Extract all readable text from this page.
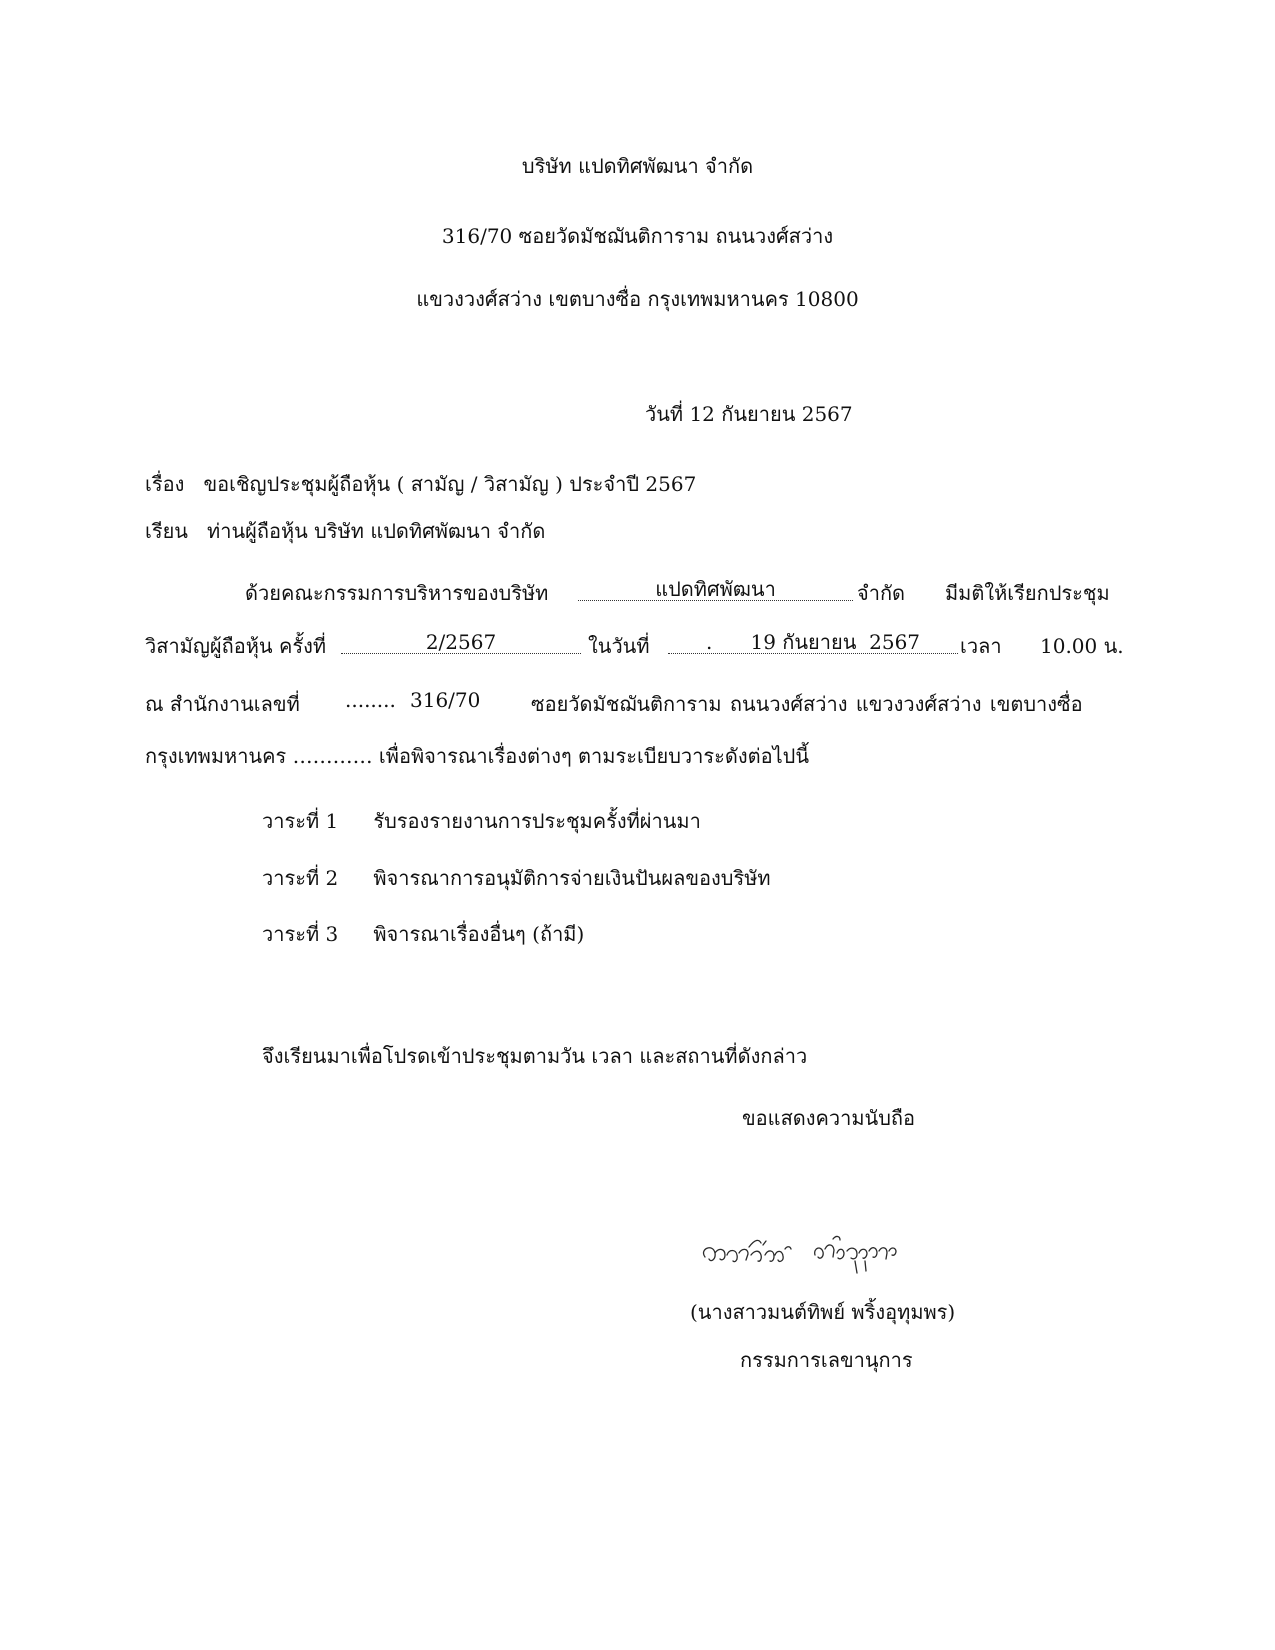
บริษัท แปดทิศพัฒนา จำกัด
316/70 ซอยวัดมัชฌันติการาม ถนนวงศ์สว่าง
แขวงวงศ์สว่าง เขตบางซื่อ กรุงเทพมหานคร 10800
วันที่ 12 กันยายน 2567
เรื่อง ขอเชิญประชุมผู้ถือหุ้น ( สามัญ / วิสามัญ ) ประจำปี 2567
เรียน ท่านผู้ถือหุ้น บริษัท แปดทิศพัฒนา จำกัด
ด้วยคณะกรรมการบริหารของบริษัท	แปดทิศพัฒนา	จำกัด มีมติให้เรียกประชุม
วิสามัญผู้ถือหุ้น ครั้งที่	2/2567	ในวันที่	.      19 กันยายน  2567	เวลา 10.00 น.
ณ สำนักงานเลขที่ ........ 316/70	ซอยวัดมัชฌันติการาม ถนนวงศ์สว่าง แขวงวงศ์สว่าง เขตบางซื่อ
กรุงเทพมหานคร ………… เพื่อพิจารณาเรื่องต่างๆ ตามระเบียบวาระดังต่อไปนี้
วาระที่ 1 รับรองรายงานการประชุมครั้งที่ผ่านมา
วาระที่ 2 พิจารณาการอนุมัติการจ่ายเงินปันผลของบริษัท
วาระที่ 3 พิจารณาเรื่องอื่นๆ (ถ้ามี)
จึงเรียนมาเพื่อโปรดเข้าประชุมตามวัน เวลา และสถานที่ดังกล่าว
ขอแสดงความนับถือ
(นางสาวมนต์ทิพย์ พริ้งอุทุมพร)
กรรมการเลขานุการ
